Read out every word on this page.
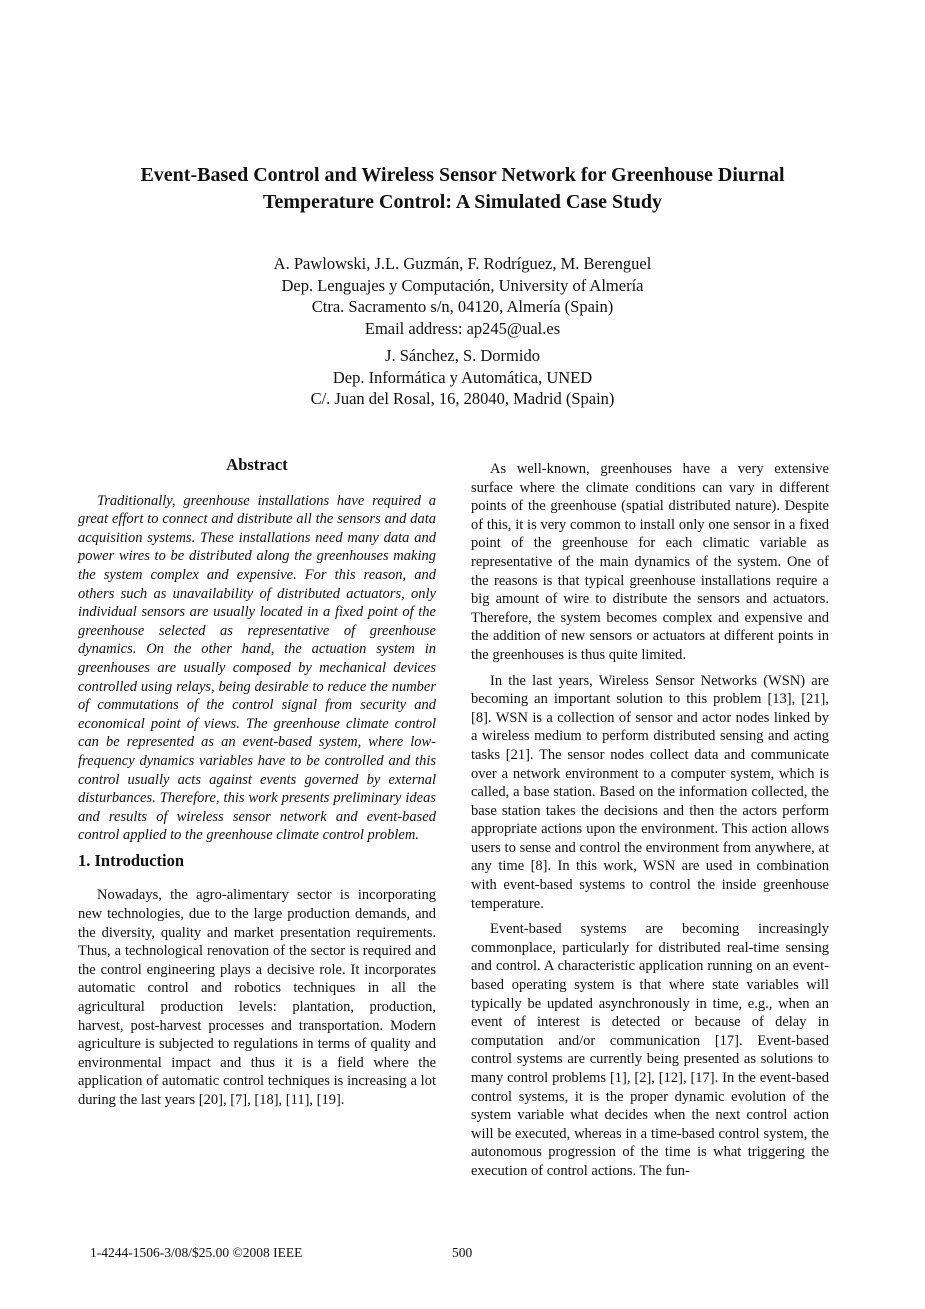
Event-Based Control and Wireless Sensor Network for Greenhouse Diurnal
Temperature Control: A Simulated Case Study

A. Pawlowski, J.L. Guzmán, F. Rodríguez, M. Berenguel

Dep. Lenguajes y Computación, University of Almería

Ctra. Sacramento s/n, 04120, Almería (Spain)

Email address: ap245@ual.es

J. Sánchez, S. Dormido

Dep. Informática y Automática, UNED

C/. Juan del Rosal, 16, 28040, Madrid (Spain)

Abstract

Traditionally, greenhouse installations have required a great effort to connect and distribute all the sensors and data acquisition systems. These installations need many data and power wires to be distributed along the greenhouses making the system complex and expensive. For this reason, and others such as unavailability of distributed actuators, only individual sensors are usually located in a fixed point of the greenhouse selected as representative of greenhouse dynamics. On the other hand, the actuation system in greenhouses are usually composed by mechanical devices controlled using relays, being desirable to reduce the number of commutations of the control signal from security and economical point of views. The greenhouse climate control can be represented as an event-based system, where low-frequency dynamics variables have to be controlled and this control usually acts against events governed by external disturbances. Therefore, this work presents preliminary ideas and results of wireless sensor network and event-based control applied to the greenhouse climate control problem.

1. Introduction

Nowadays, the agro-alimentary sector is incorporating new technologies, due to the large production demands, and the diversity, quality and market presentation requirements. Thus, a technological renovation of the sector is required and the control engineering plays a decisive role. It incorporates automatic control and robotics techniques in all the agricultural production levels: plantation, production, harvest, post-harvest processes and transportation. Modern agriculture is subjected to regulations in terms of quality and environmental impact and thus it is a field where the application of automatic control techniques is increasing a lot during the last years [20], [7], [18], [11], [19].

As well-known, greenhouses have a very extensive surface where the climate conditions can vary in different points of the greenhouse (spatial distributed nature). Despite of this, it is very common to install only one sensor in a fixed point of the greenhouse for each climatic variable as representative of the main dynamics of the system. One of the reasons is that typical greenhouse installations require a big amount of wire to distribute the sensors and actuators. Therefore, the system becomes complex and expensive and the addition of new sensors or actuators at different points in the greenhouses is thus quite limited.

In the last years, Wireless Sensor Networks (WSN) are becoming an important solution to this problem [13], [21], [8]. WSN is a collection of sensor and actor nodes linked by a wireless medium to perform distributed sensing and acting tasks [21]. The sensor nodes collect data and communicate over a network environment to a computer system, which is called, a base station. Based on the information collected, the base station takes the decisions and then the actors perform appropriate actions upon the environment. This action allows users to sense and control the environment from anywhere, at any time [8]. In this work, WSN are used in combination with event-based systems to control the inside greenhouse temperature.

Event-based systems are becoming increasingly commonplace, particularly for distributed real-time sensing and control. A characteristic application running on an event-based operating system is that where state variables will typically be updated asynchronously in time, e.g., when an event of interest is detected or because of delay in computation and/or communication [17]. Event-based control systems are currently being presented as solutions to many control problems [1], [2], [12], [17]. In the event-based control systems, it is the proper dynamic evolution of the system variable what decides when the next control action will be executed, whereas in a time-based control system, the autonomous progression of the time is what triggering the execution of control actions. The fun-

1-4244-1506-3/08/$25.00 ©2008 IEEE	500
